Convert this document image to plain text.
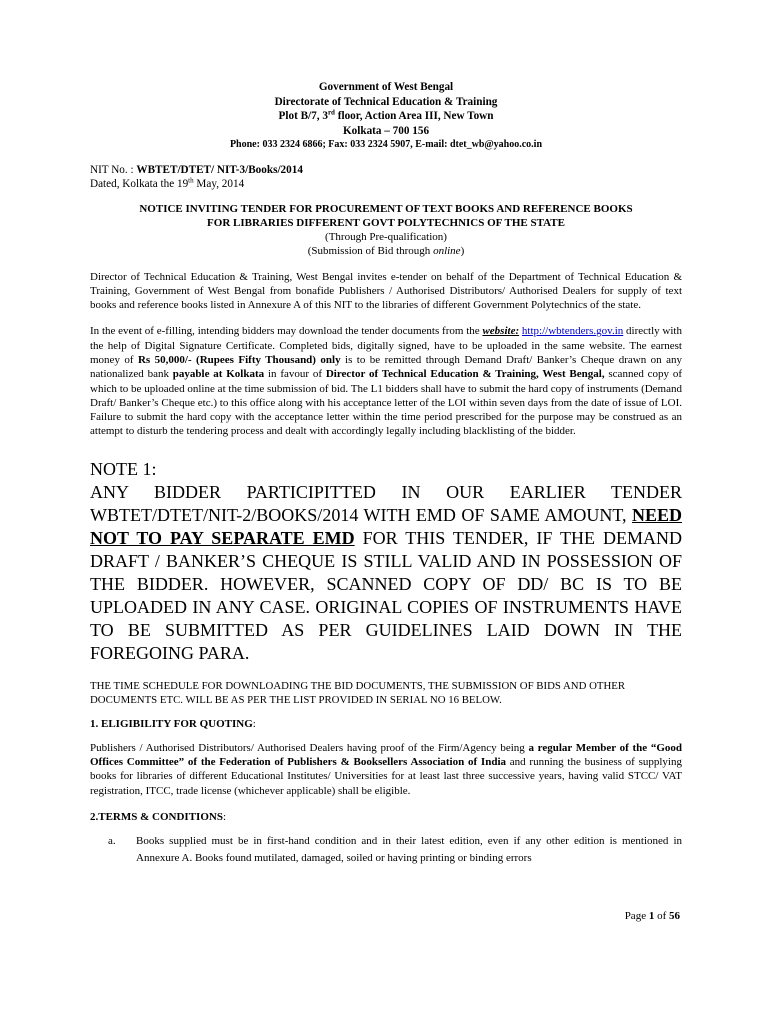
Government of West Bengal
Directorate of Technical Education & Training
Plot B/7, 3rd floor, Action Area III, New Town
Kolkata – 700 156
Phone: 033 2324 6866; Fax: 033 2324 5907, E-mail: dtet_wb@yahoo.co.in
NIT No. : WBTET/DTET/ NIT-3/Books/2014
Dated, Kolkata the 19th May, 2014
NOTICE INVITING TENDER FOR PROCUREMENT OF TEXT BOOKS AND REFERENCE BOOKS
FOR LIBRARIES DIFFERENT GOVT POLYTECHNICS OF THE STATE
(Through Pre-qualification)
(Submission of Bid through online)

Director of Technical Education & Training, West Bengal invites e-tender on behalf of the Department of Technical Education & Training, Government of West Bengal from bonafide Publishers / Authorised Distributors/ Authorised Dealers for supply of text books and reference books listed in Annexure A of this NIT to the libraries of different Government Polytechnics of the state.

In the event of e-filling, intending bidders may download the tender documents from the website: http://wbtenders.gov.in directly with the help of Digital Signature Certificate. Completed bids, digitally signed, have to be uploaded in the same website. The earnest money of Rs 50,000/- (Rupees Fifty Thousand) only is to be remitted through Demand Draft/ Banker’s Cheque drawn on any nationalized bank payable at Kolkata in favour of Director of Technical Education & Training, West Bengal, scanned copy of which to be uploaded online at the time submission of bid. The L1 bidders shall have to submit the hard copy of instruments (Demand Draft/ Banker’s Cheque etc.) to this office along with his acceptance letter of the LOI within seven days from the date of issue of LOI. Failure to submit the hard copy with the acceptance letter within the time period prescribed for the purpose may be construed as an attempt to disturb the tendering process and dealt with accordingly legally including blacklisting of the bidder.

NOTE 1:
ANY BIDDER PARTICIPITTED IN OUR EARLIER TENDER WBTET/DTET/NIT-2/BOOKS/2014 WITH EMD OF SAME AMOUNT, NEED NOT TO PAY SEPARATE EMD FOR THIS TENDER, IF THE DEMAND DRAFT / BANKER’S CHEQUE IS STILL VALID AND IN POSSESSION OF THE BIDDER. HOWEVER, SCANNED COPY OF DD/ BC IS TO BE UPLOADED IN ANY CASE. ORIGINAL COPIES OF INSTRUMENTS HAVE TO BE SUBMITTED AS PER GUIDELINES LAID DOWN IN THE FOREGOING PARA.

THE TIME SCHEDULE FOR DOWNLOADING THE BID DOCUMENTS, THE SUBMISSION OF BIDS AND OTHER DOCUMENTS ETC. WILL BE AS PER THE LIST PROVIDED IN SERIAL NO 16 BELOW.

1. ELIGIBILITY FOR QUOTING:

Publishers / Authorised Distributors/ Authorised Dealers having proof of the Firm/Agency being a regular Member of the “Good Offices Committee” of the Federation of Publishers & Booksellers Association of India and running the business of supplying books for libraries of different Educational Institutes/ Universities for at least last three successive years, having valid STCC/ VAT registration, ITCC, trade license (whichever applicable) shall be eligible.

2.TERMS & CONDITIONS:
a.	Books supplied must be in first-hand condition and in their latest edition, even if any other edition is mentioned in Annexure A. Books found mutilated, damaged, soiled or having printing or binding errors
Page 1 of 56
